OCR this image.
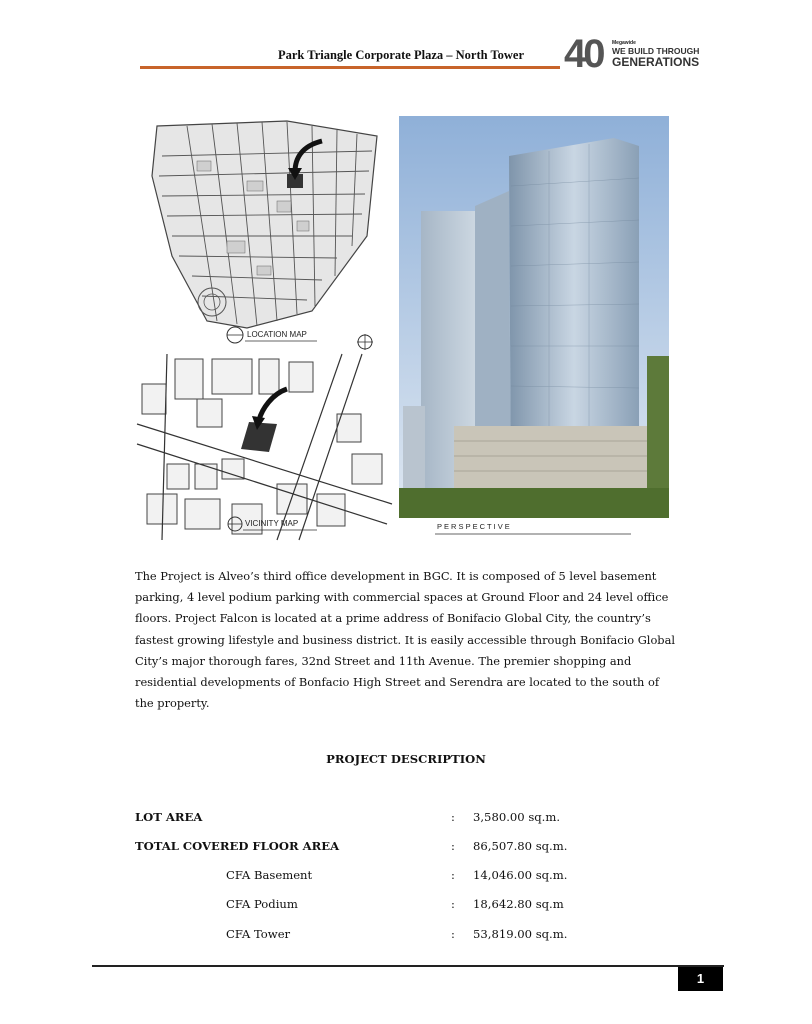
Park Triangle Corporate Plaza – North Tower 40 Megawide
WE BUILD THROUGH
GENERATIONS
LOCATION MAP
VICINITY MAP	P E R S P E C T I V E
The Project is Alveo’s third office development in BGC. It is composed of 5 level basement parking, 4 level podium parking with commercial spaces at Ground Floor and 24 level office floors. Project Falcon is located at a prime address of Bonifacio Global City, the country’s fastest growing lifestyle and business district. It is easily accessible through Bonifacio Global City’s major thorough fares, 32nd Street and 11th Avenue. The premier shopping and residential developments of Bonfacio High Street and Serendra are located to the south of the property.
PROJECT DESCRIPTION
LOT AREA	: 3,580.00 sq.m.
TOTAL COVERED FLOOR AREA	: 86,507.80 sq.m.
CFA Basement	: 14,046.00 sq.m.
CFA Podium	: 18,642.80 sq.m
CFA Tower	: 53,819.00 sq.m.
1
